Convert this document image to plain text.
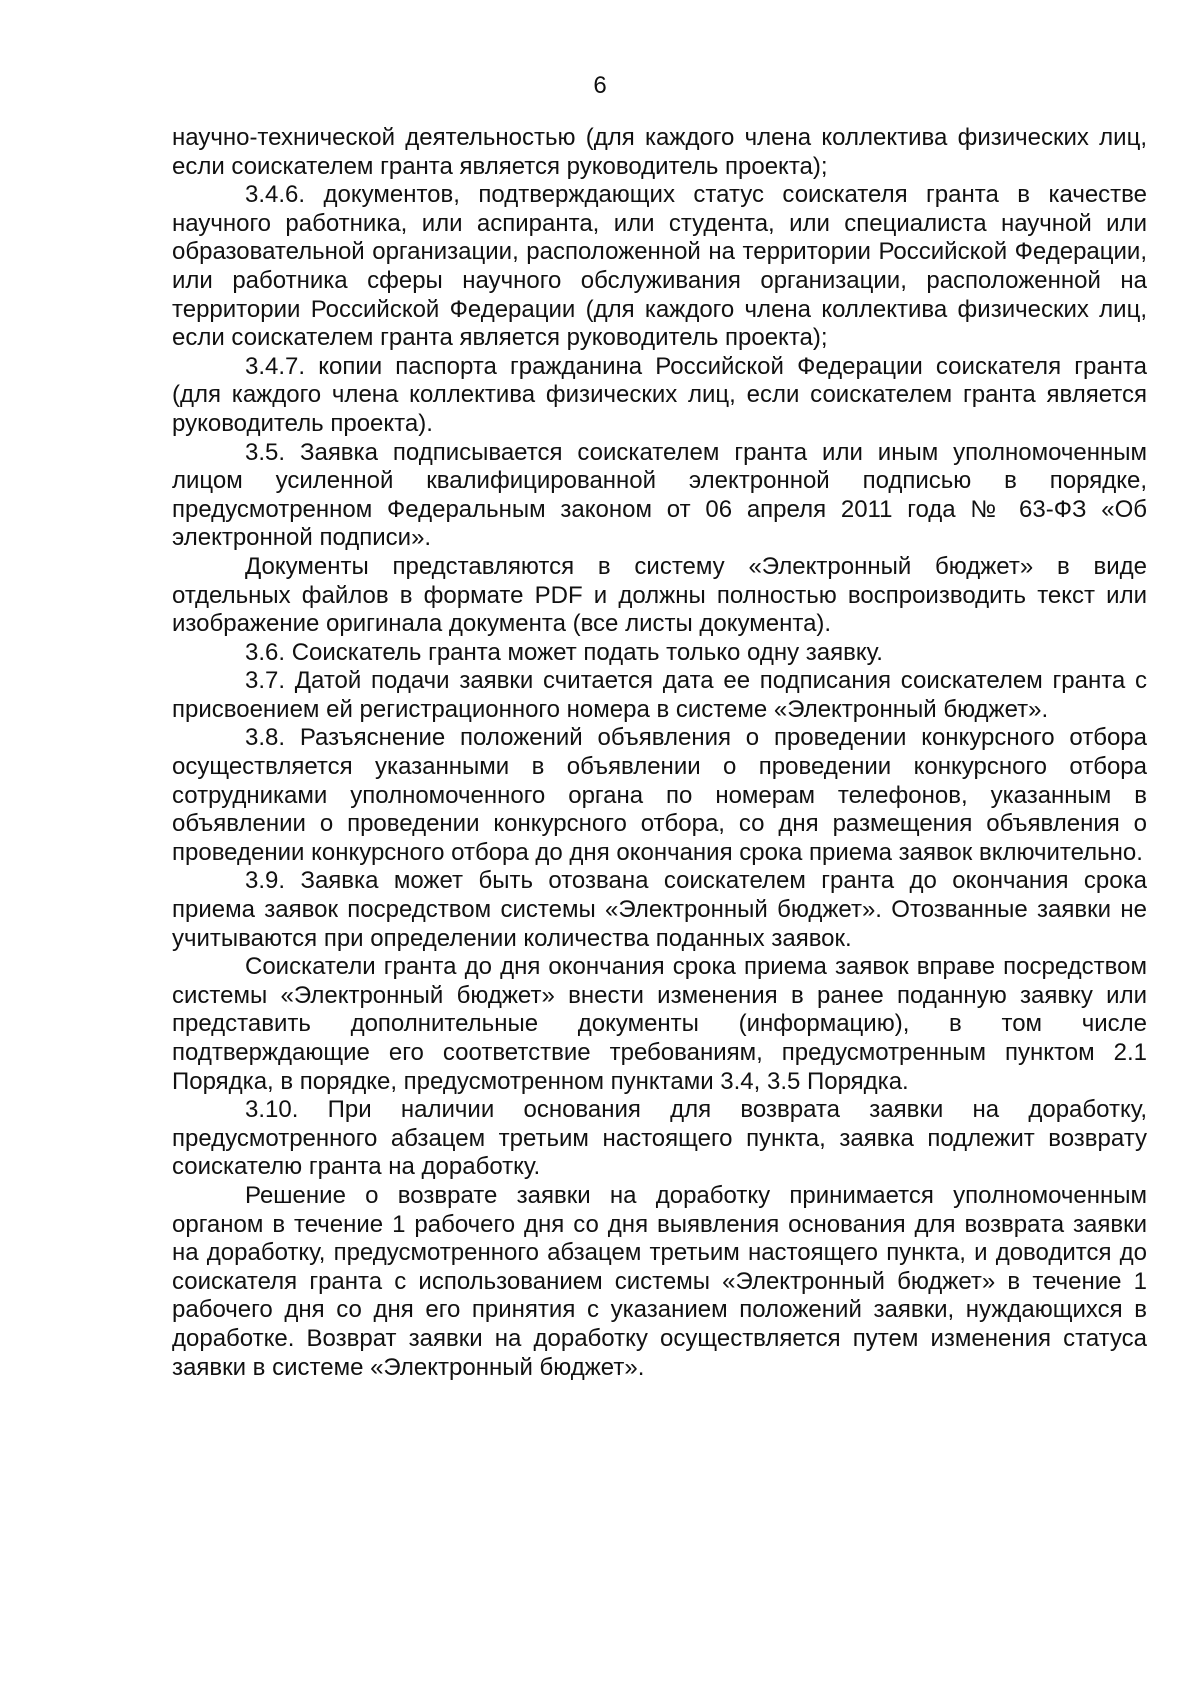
6

научно-технической деятельностью (для каждого члена коллектива физических лиц, если соискателем гранта является руководитель проекта);

3.4.6. документов, подтверждающих статус соискателя гранта в качестве научного работника, или аспиранта, или студента, или специалиста научной или образовательной организации, расположенной на территории Российской Федерации, или работника сферы научного обслуживания организации, расположенной на территории Российской Федерации (для каждого члена коллектива физических лиц, если соискателем гранта является руководитель проекта);

3.4.7. копии паспорта гражданина Российской Федерации соискателя гранта (для каждого члена коллектива физических лиц, если соискателем гранта является руководитель проекта).

3.5. Заявка подписывается соискателем гранта или иным уполномоченным лицом усиленной квалифицированной электронной подписью в порядке, предусмотренном Федеральным законом от 06 апреля 2011 года № 63-ФЗ «Об электронной подписи».

Документы представляются в систему «Электронный бюджет» в виде отдельных файлов в формате PDF и должны полностью воспроизводить текст или изображение оригинала документа (все листы документа).

3.6. Соискатель гранта может подать только одну заявку.

3.7. Датой подачи заявки считается дата ее подписания соискателем гранта с присвоением ей регистрационного номера в системе «Электронный бюджет».

3.8. Разъяснение положений объявления о проведении конкурсного отбора осуществляется указанными в объявлении о проведении конкурсного отбора сотрудниками уполномоченного органа по номерам телефонов, указанным в объявлении о проведении конкурсного отбора, со дня размещения объявления о проведении конкурсного отбора до дня окончания срока приема заявок включительно.

3.9. Заявка может быть отозвана соискателем гранта до окончания срока приема заявок посредством системы «Электронный бюджет». Отозванные заявки не учитываются при определении количества поданных заявок.

Соискатели гранта до дня окончания срока приема заявок вправе посредством системы «Электронный бюджет» внести изменения в ранее поданную заявку или представить дополнительные документы (информацию), в том числе подтверждающие его соответствие требованиям, предусмотренным пунктом 2.1 Порядка, в порядке, предусмотренном пунктами 3.4, 3.5 Порядка.

3.10. При наличии основания для возврата заявки на доработку, предусмотренного абзацем третьим настоящего пункта, заявка подлежит возврату соискателю гранта на доработку.

Решение о возврате заявки на доработку принимается уполномоченным органом в течение 1 рабочего дня со дня выявления основания для возврата заявки на доработку, предусмотренного абзацем третьим настоящего пункта, и доводится до соискателя гранта с использованием системы «Электронный бюджет» в течение 1 рабочего дня со дня его принятия с указанием положений заявки, нуждающихся в доработке. Возврат заявки на доработку осуществляется путем изменения статуса заявки в системе «Электронный бюджет».
